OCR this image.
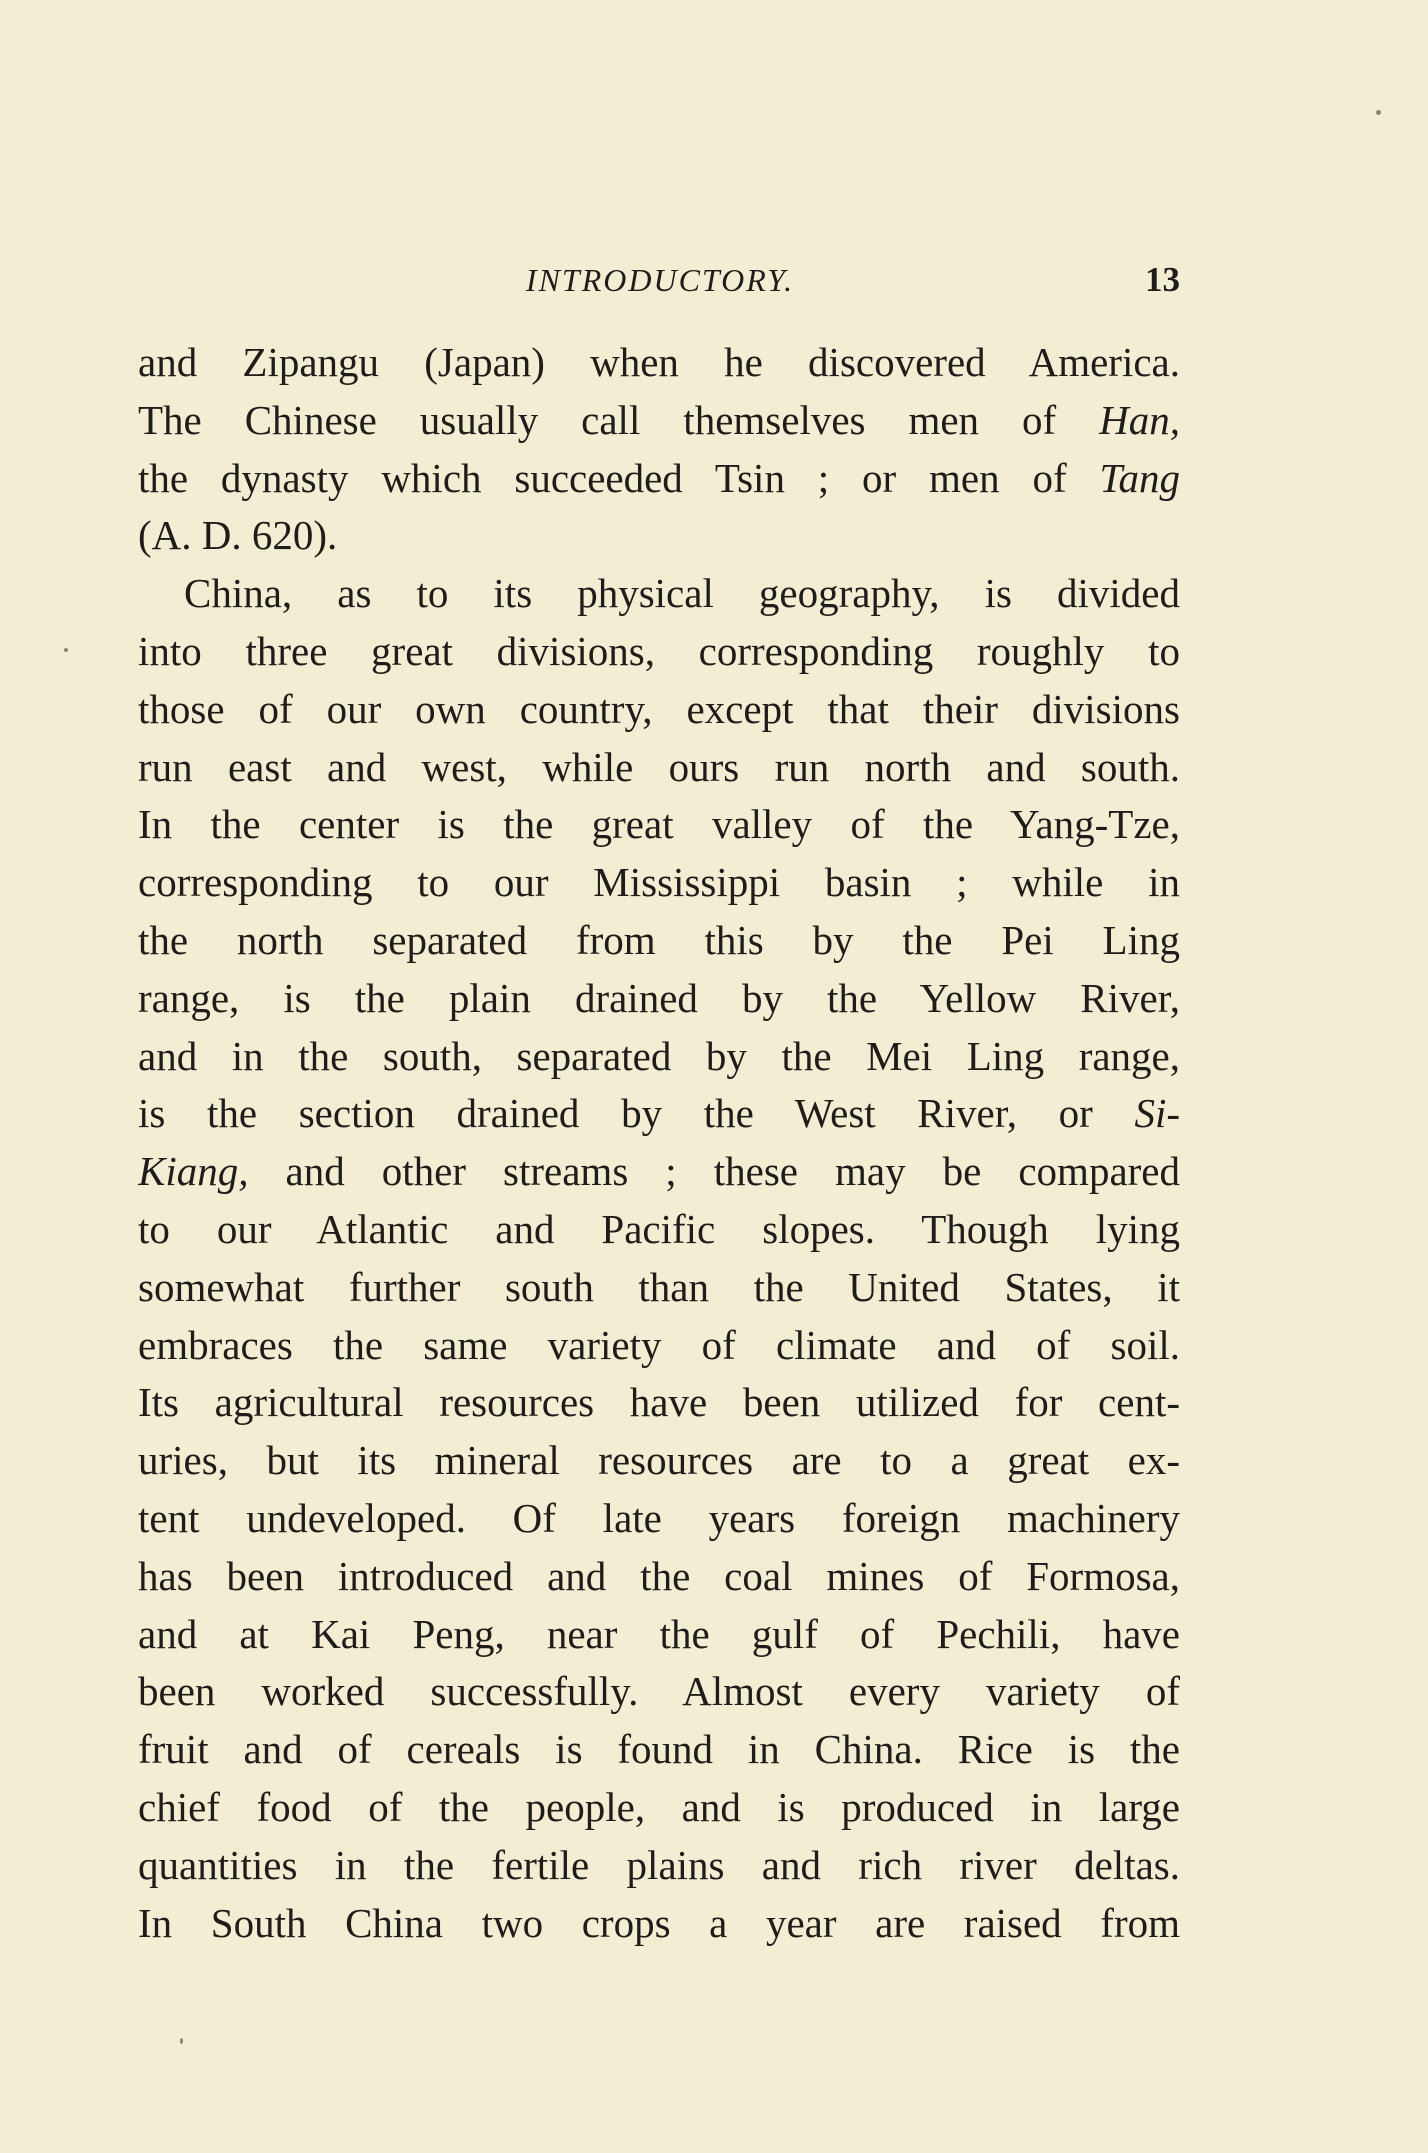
INTRODUCTORY.	13
and Zipangu (Japan) when he discovered America.
The Chinese usually call themselves men of Han,
the dynasty which succeeded Tsin ; or men of Tang
(A. D. 620).
China, as to its physical geography, is divided
into three great divisions, corresponding roughly to
those of our own country, except that their divisions
run east and west, while ours run north and south.
In the center is the great valley of the Yang-Tze,
corresponding to our Mississippi basin ; while in
the north separated from this by the Pei Ling
range, is the plain drained by the Yellow River,
and in the south, separated by the Mei Ling range,
is the section drained by the West River, or Si-
Kiang, and other streams ; these may be compared
to our Atlantic and Pacific slopes. Though lying
somewhat further south than the United States, it
embraces the same variety of climate and of soil.
Its agricultural resources have been utilized for cent-
uries, but its mineral resources are to a great ex-
tent undeveloped. Of late years foreign machinery
has been introduced and the coal mines of Formosa,
and at Kai Peng, near the gulf of Pechili, have
been worked successfully. Almost every variety of
fruit and of cereals is found in China. Rice is the
chief food of the people, and is produced in large
quantities in the fertile plains and rich river deltas.
In South China two crops a year are raised from
